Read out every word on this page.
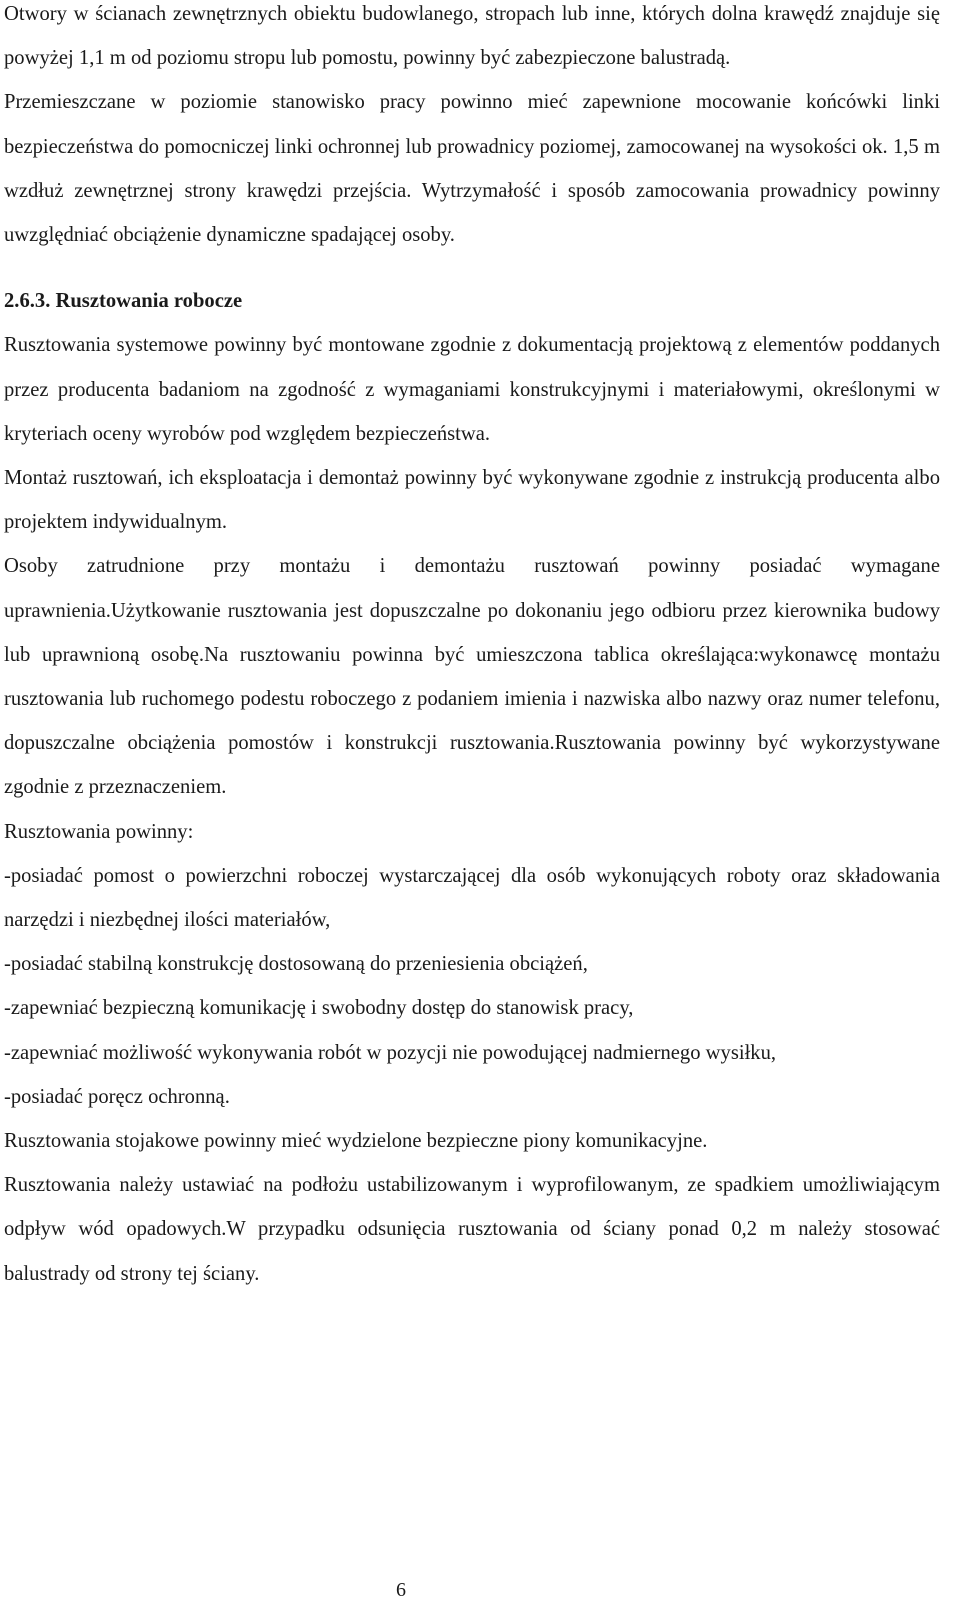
Otwory w ścianach zewnętrznych obiektu budowlanego, stropach lub inne, których dolna krawędź znajduje się powyżej 1,1 m od poziomu stropu lub pomostu, powinny być zabezpieczone balustradą.

Przemieszczane w poziomie stanowisko pracy powinno mieć zapewnione mocowanie końcówki linki bezpieczeństwa do pomocniczej linki ochronnej lub prowadnicy poziomej, zamocowanej na wysokości ok. 1,5 m wzdłuż zewnętrznej strony krawędzi przejścia. Wytrzymałość i sposób zamocowania prowadnicy powinny uwzględniać obciążenie dynamiczne spadającej osoby.

2.6.3. Rusztowania robocze

Rusztowania systemowe powinny być montowane zgodnie z dokumentacją projektową z elementów poddanych przez producenta badaniom na zgodność z wymaganiami konstrukcyjnymi i materiałowymi, określonymi w kryteriach oceny wyrobów pod względem bezpieczeństwa.

Montaż rusztowań, ich eksploatacja i demontaż powinny być wykonywane zgodnie z instrukcją producenta albo projektem indywidualnym.

Osoby zatrudnione przy montażu i demontażu rusztowań powinny posiadać wymagane uprawnienia.Użytkowanie rusztowania jest dopuszczalne po dokonaniu jego odbioru przez kierownika budowy lub uprawnioną osobę.Na rusztowaniu powinna być umieszczona tablica określająca:wykonawcę montażu rusztowania lub ruchomego podestu roboczego z podaniem imienia i nazwiska albo nazwy oraz numer telefonu, dopuszczalne obciążenia pomostów i konstrukcji rusztowania.Rusztowania powinny być wykorzystywane zgodnie z przeznaczeniem.

Rusztowania powinny:

-posiadać pomost o powierzchni roboczej wystarczającej dla osób wykonujących roboty oraz składowania narzędzi i niezbędnej ilości materiałów,

-posiadać stabilną konstrukcję dostosowaną do przeniesienia obciążeń,

-zapewniać bezpieczną komunikację i swobodny dostęp do stanowisk pracy,

-zapewniać możliwość wykonywania robót w pozycji nie powodującej nadmiernego wysiłku,

-posiadać poręcz ochronną.

Rusztowania stojakowe powinny mieć wydzielone bezpieczne piony komunikacyjne.

Rusztowania należy ustawiać na podłożu ustabilizowanym i wyprofilowanym, ze spadkiem umożliwiającym odpływ wód opadowych.W przypadku odsunięcia rusztowania od ściany ponad 0,2 m należy stosować balustrady od strony tej ściany.

6
